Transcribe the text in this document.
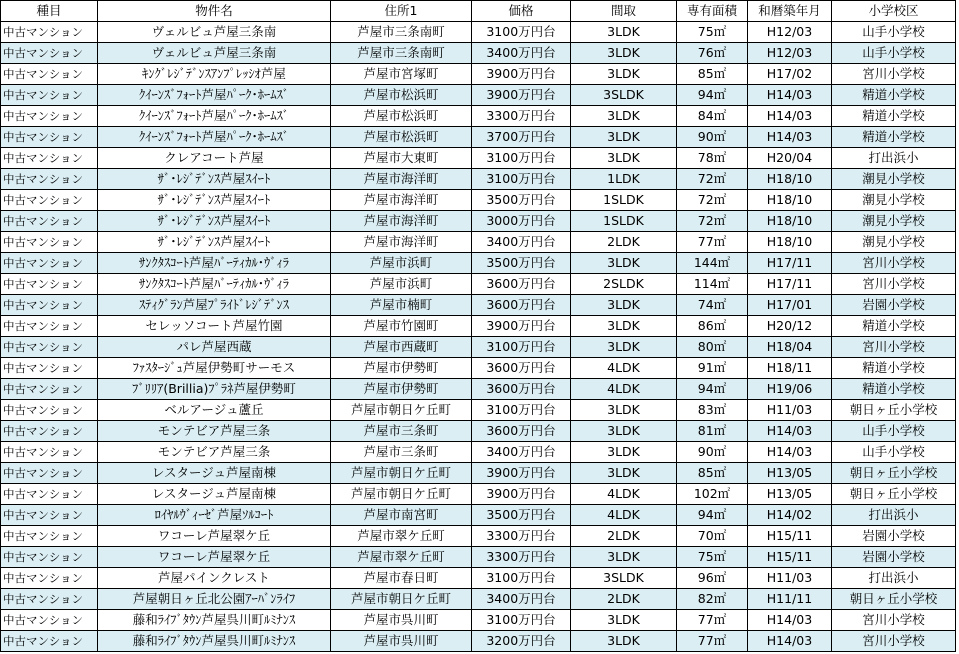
種目	物件名	住所1	価格	間取	専有面積	和暦築年月	小学校区
中古マンション	ヴェルビュ芦屋三条南	芦屋市三条南町	3100万円台	3LDK	75㎡	H12/03	山手小学校
中古マンション	ヴェルビュ芦屋三条南	芦屋市三条南町	3400万円台	3LDK	76㎡	H12/03	山手小学校
中古マンション	ｷﾝｸﾞﾚｼﾞﾃﾞﾝｽｱﾝﾌﾟﾚｯｼｵ芦屋	芦屋市宮塚町	3900万円台	3LDK	85㎡	H17/02	宮川小学校
中古マンション	ｸｲｰﾝｽﾞﾌｫｰﾄ芦屋ﾊﾟｰｸ･ﾎｰﾑｽﾞ	芦屋市松浜町	3900万円台	3SLDK	94㎡	H14/03	精道小学校
中古マンション	ｸｲｰﾝｽﾞﾌｫｰﾄ芦屋ﾊﾟｰｸ･ﾎｰﾑｽﾞ	芦屋市松浜町	3300万円台	3LDK	84㎡	H14/03	精道小学校
中古マンション	ｸｲｰﾝｽﾞﾌｫｰﾄ芦屋ﾊﾟｰｸ･ﾎｰﾑｽﾞ	芦屋市松浜町	3700万円台	3LDK	90㎡	H14/03	精道小学校
中古マンション	クレアコート芦屋	芦屋市大東町	3100万円台	3LDK	78㎡	H20/04	打出浜小
中古マンション	ｻﾞ･ﾚｼﾞﾃﾞﾝｽ芦屋ｽｲｰﾄ	芦屋市海洋町	3100万円台	1LDK	72㎡	H18/10	潮見小学校
中古マンション	ｻﾞ･ﾚｼﾞﾃﾞﾝｽ芦屋ｽｲｰﾄ	芦屋市海洋町	3500万円台	1SLDK	72㎡	H18/10	潮見小学校
中古マンション	ｻﾞ･ﾚｼﾞﾃﾞﾝｽ芦屋ｽｲｰﾄ	芦屋市海洋町	3000万円台	1SLDK	72㎡	H18/10	潮見小学校
中古マンション	ｻﾞ･ﾚｼﾞﾃﾞﾝｽ芦屋ｽｲｰﾄ	芦屋市海洋町	3400万円台	2LDK	77㎡	H18/10	潮見小学校
中古マンション	ｻﾝｸﾀｽｺｰﾄ芦屋ﾊﾞｰﾃｨｶﾙ･ｳﾞｨﾗ	芦屋市浜町	3500万円台	3LDK	144㎡	H17/11	宮川小学校
中古マンション	ｻﾝｸﾀｽｺｰﾄ芦屋ﾊﾞｰﾃｨｶﾙ･ｳﾞｨﾗ	芦屋市浜町	3600万円台	2SLDK	114㎡	H17/11	宮川小学校
中古マンション	ｽﾃｨｸﾞﾗﾝ芦屋ﾌﾟﾗｲﾄﾞﾚｼﾞﾃﾞﾝｽ	芦屋市楠町	3600万円台	3LDK	74㎡	H17/01	岩園小学校
中古マンション	セレッソコート芦屋竹園	芦屋市竹園町	3900万円台	3LDK	86㎡	H20/12	精道小学校
中古マンション	パレ芦屋西蔵	芦屋市西蔵町	3100万円台	3LDK	80㎡	H18/04	宮川小学校
中古マンション	ﾌｧｽﾀｰｼﾞｭ芦屋伊勢町サーモス	芦屋市伊勢町	3600万円台	4LDK	91㎡	H18/11	精道小学校
中古マンション	ﾌﾞﾘﾘｱ(Brillia)ﾌﾟﾗﾈ芦屋伊勢町	芦屋市伊勢町	3600万円台	4LDK	94㎡	H19/06	精道小学校
中古マンション	ベルアージュ蘆丘	芦屋市朝日ケ丘町	3100万円台	3LDK	83㎡	H11/03	朝日ヶ丘小学校
中古マンション	モンテビア芦屋三条	芦屋市三条町	3600万円台	3LDK	81㎡	H14/03	山手小学校
中古マンション	モンテビア芦屋三条	芦屋市三条町	3400万円台	3LDK	90㎡	H14/03	山手小学校
中古マンション	レスタージュ芦屋南棟	芦屋市朝日ケ丘町	3900万円台	3LDK	85㎡	H13/05	朝日ヶ丘小学校
中古マンション	レスタージュ芦屋南棟	芦屋市朝日ケ丘町	3900万円台	4LDK	102㎡	H13/05	朝日ヶ丘小学校
中古マンション	ﾛｲﾔﾙｳﾞｨｰｾﾞ芦屋ｿﾙｺｰﾄ	芦屋市南宮町	3500万円台	4LDK	94㎡	H14/02	打出浜小
中古マンション	ワコーレ芦屋翠ケ丘	芦屋市翠ケ丘町	3300万円台	2LDK	70㎡	H15/11	岩園小学校
中古マンション	ワコーレ芦屋翠ケ丘	芦屋市翠ケ丘町	3300万円台	3LDK	75㎡	H15/11	岩園小学校
中古マンション	芦屋パインクレスト	芦屋市春日町	3100万円台	3SLDK	96㎡	H11/03	打出浜小
中古マンション	芦屋朝日ヶ丘北公園ｱｰﾊﾞﾝﾗｲﾌ	芦屋市朝日ケ丘町	3400万円台	2LDK	82㎡	H11/11	朝日ヶ丘小学校
中古マンション	藤和ﾗｲﾌﾞﾀｳﾝ芦屋呉川町ﾙﾐﾅﾝｽ	芦屋市呉川町	3100万円台	3LDK	77㎡	H14/03	宮川小学校
中古マンション	藤和ﾗｲﾌﾞﾀｳﾝ芦屋呉川町ﾙﾐﾅﾝｽ	芦屋市呉川町	3200万円台	3LDK	77㎡	H14/03	宮川小学校
